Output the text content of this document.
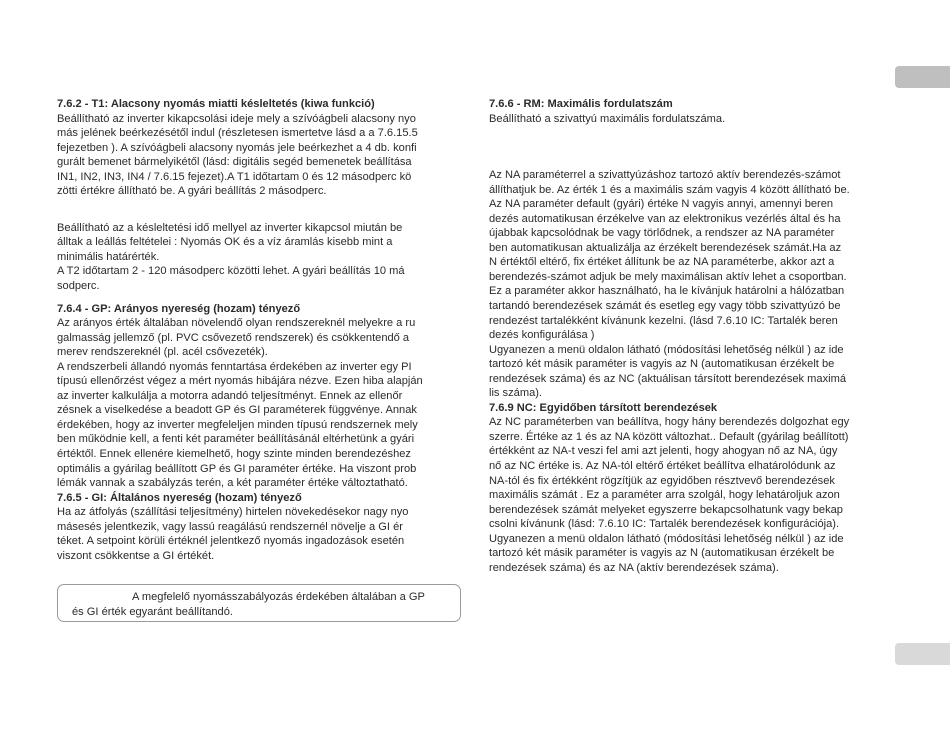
7.6.2 - T1: Alacsony nyomás miatti késleltetés (kiwa funkció)

Beállítható az inverter kikapcsolási ideje mely a szívóágbeli alacsony nyo

más jelének beérkezésétől indul (részletesen ismertetve lásd a a 7.6.15.5

fejezetben ). A szívóágbeli alacsony nyomás jele beérkezhet a 4 db. konfi

gurált bemenet bármelyikétől (lásd: digitális segéd bemenetek beállítása

IN1, IN2, IN3, IN4 / 7.6.15 fejezet).A T1 időtartam 0 és 12 másodperc kö

zötti értékre állítható be. A gyári beállítás 2 másodperc.

Beállítható az a késleltetési idő mellyel az inverter kikapcsol miután be

álltak a leállás feltételei : Nyomás OK és a víz áramlás kisebb mint a

minimális határérték.

A T2 időtartam 2 - 120 másodperc közötti lehet. A gyári beállítás 10 má

sodperc.

7.6.4 - GP: Arányos nyereség (hozam) tényező

Az arányos érték általában növelendő olyan rendszereknél melyekre a ru

galmasság jellemző (pl. PVC csővezető rendszerek) és csökkentendő a

merev rendszereknél (pl. acél csővezeték).

A rendszerbeli állandó nyomás fenntartása érdekében az inverter egy PI

típusú ellenőrzést végez a mért nyomás hibájára nézve. Ezen hiba alapján

az inverter kalkulálja a motorra adandó teljesítményt. Ennek az ellenőr

zésnek a viselkedése a beadott GP és GI paraméterek függvénye. Annak

érdekében, hogy az inverter megfeleljen minden típusú rendszernek mely

ben működnie kell, a fenti két paraméter beállításánál eltérhetünk a gyári

értéktől. Ennek ellenére kiemelhető, hogy szinte minden berendezéshez

optimális a gyárilag beállított GP és GI paraméter értéke. Ha viszont prob

lémák vannak a szabályzás terén, a két paraméter értéke változtatható.

7.6.5 - GI: Általános nyereség (hozam) tényező

Ha az átfolyás (szállítási teljesítmény) hirtelen növekedésekor nagy nyo

másesés jelentkezik, vagy lassú reagálású rendszernél növelje a GI ér

téket. A setpoint körüli értéknél jelentkező nyomás ingadozások esetén

viszont csökkentse a GI értékét.

A megfelelő nyomásszabályozás érdekében általában a GP
és GI érték egyaránt beállítandó.

7.6.6 - RM: Maximális fordulatszám

Beállítható a szivattyú maximális fordulatszáma.

Az NA paraméterrel a szivattyúzáshoz tartozó aktív berendezés-számot

állíthatjuk be. Az érték 1 és a maximális szám vagyis 4 között állítható be.

Az NA paraméter default (gyári) értéke N vagyis annyi, amennyi beren

dezés automatikusan érzékelve van az elektronikus vezérlés által és ha

újabbak kapcsolódnak be vagy törlődnek, a rendszer az NA paraméter

ben automatikusan aktualizálja az érzékelt berendezések számát.Ha az

N értéktől eltérő, fix értéket állítunk be az NA paraméterbe, akkor azt a

berendezés-számot adjuk be mely maximálisan aktív lehet a csoportban.

Ez a paraméter akkor használható, ha le kívánjuk határolni a hálózatban

tartandó berendezések számát és esetleg egy vagy több szivattyúzó be

rendezést tartalékként kívánunk kezelni. (lásd 7.6.10 IC: Tartalék beren

dezés konfigurálása )

Ugyanezen a menü oldalon látható (módosítási lehetőség nélkül ) az ide

tartozó két másik paraméter is vagyis az N (automatikusan érzékelt be

rendezések száma) és az NC (aktuálisan társított berendezések maximá

lis száma).

7.6.9 NC: Egyidőben társított berendezések

Az NC paraméterben van beállítva, hogy hány berendezés dolgozhat egy

szerre. Értéke az 1 és az NA között változhat.. Default (gyárilag beállított)

értékként az NA-t veszi fel ami azt jelenti, hogy ahogyan nő az NA, úgy

nő az NC értéke is. Az NA-tól eltérő értéket beállítva elhatárolódunk az

NA-tól és fix értékként rögzítjük az egyidőben résztvevő berendezések

maximális számát . Ez a paraméter arra szolgál, hogy lehatároljuk azon

berendezések számát melyeket egyszerre bekapcsolhatunk vagy bekap

csolni kívánunk (lásd: 7.6.10 IC: Tartalék berendezések konfigurációja).

Ugyanezen a menü oldalon látható (módosítási lehetőség nélkül ) az ide

tartozó két másik paraméter is vagyis az N (automatikusan érzékelt be

rendezések száma) és az NA (aktív berendezések száma).
